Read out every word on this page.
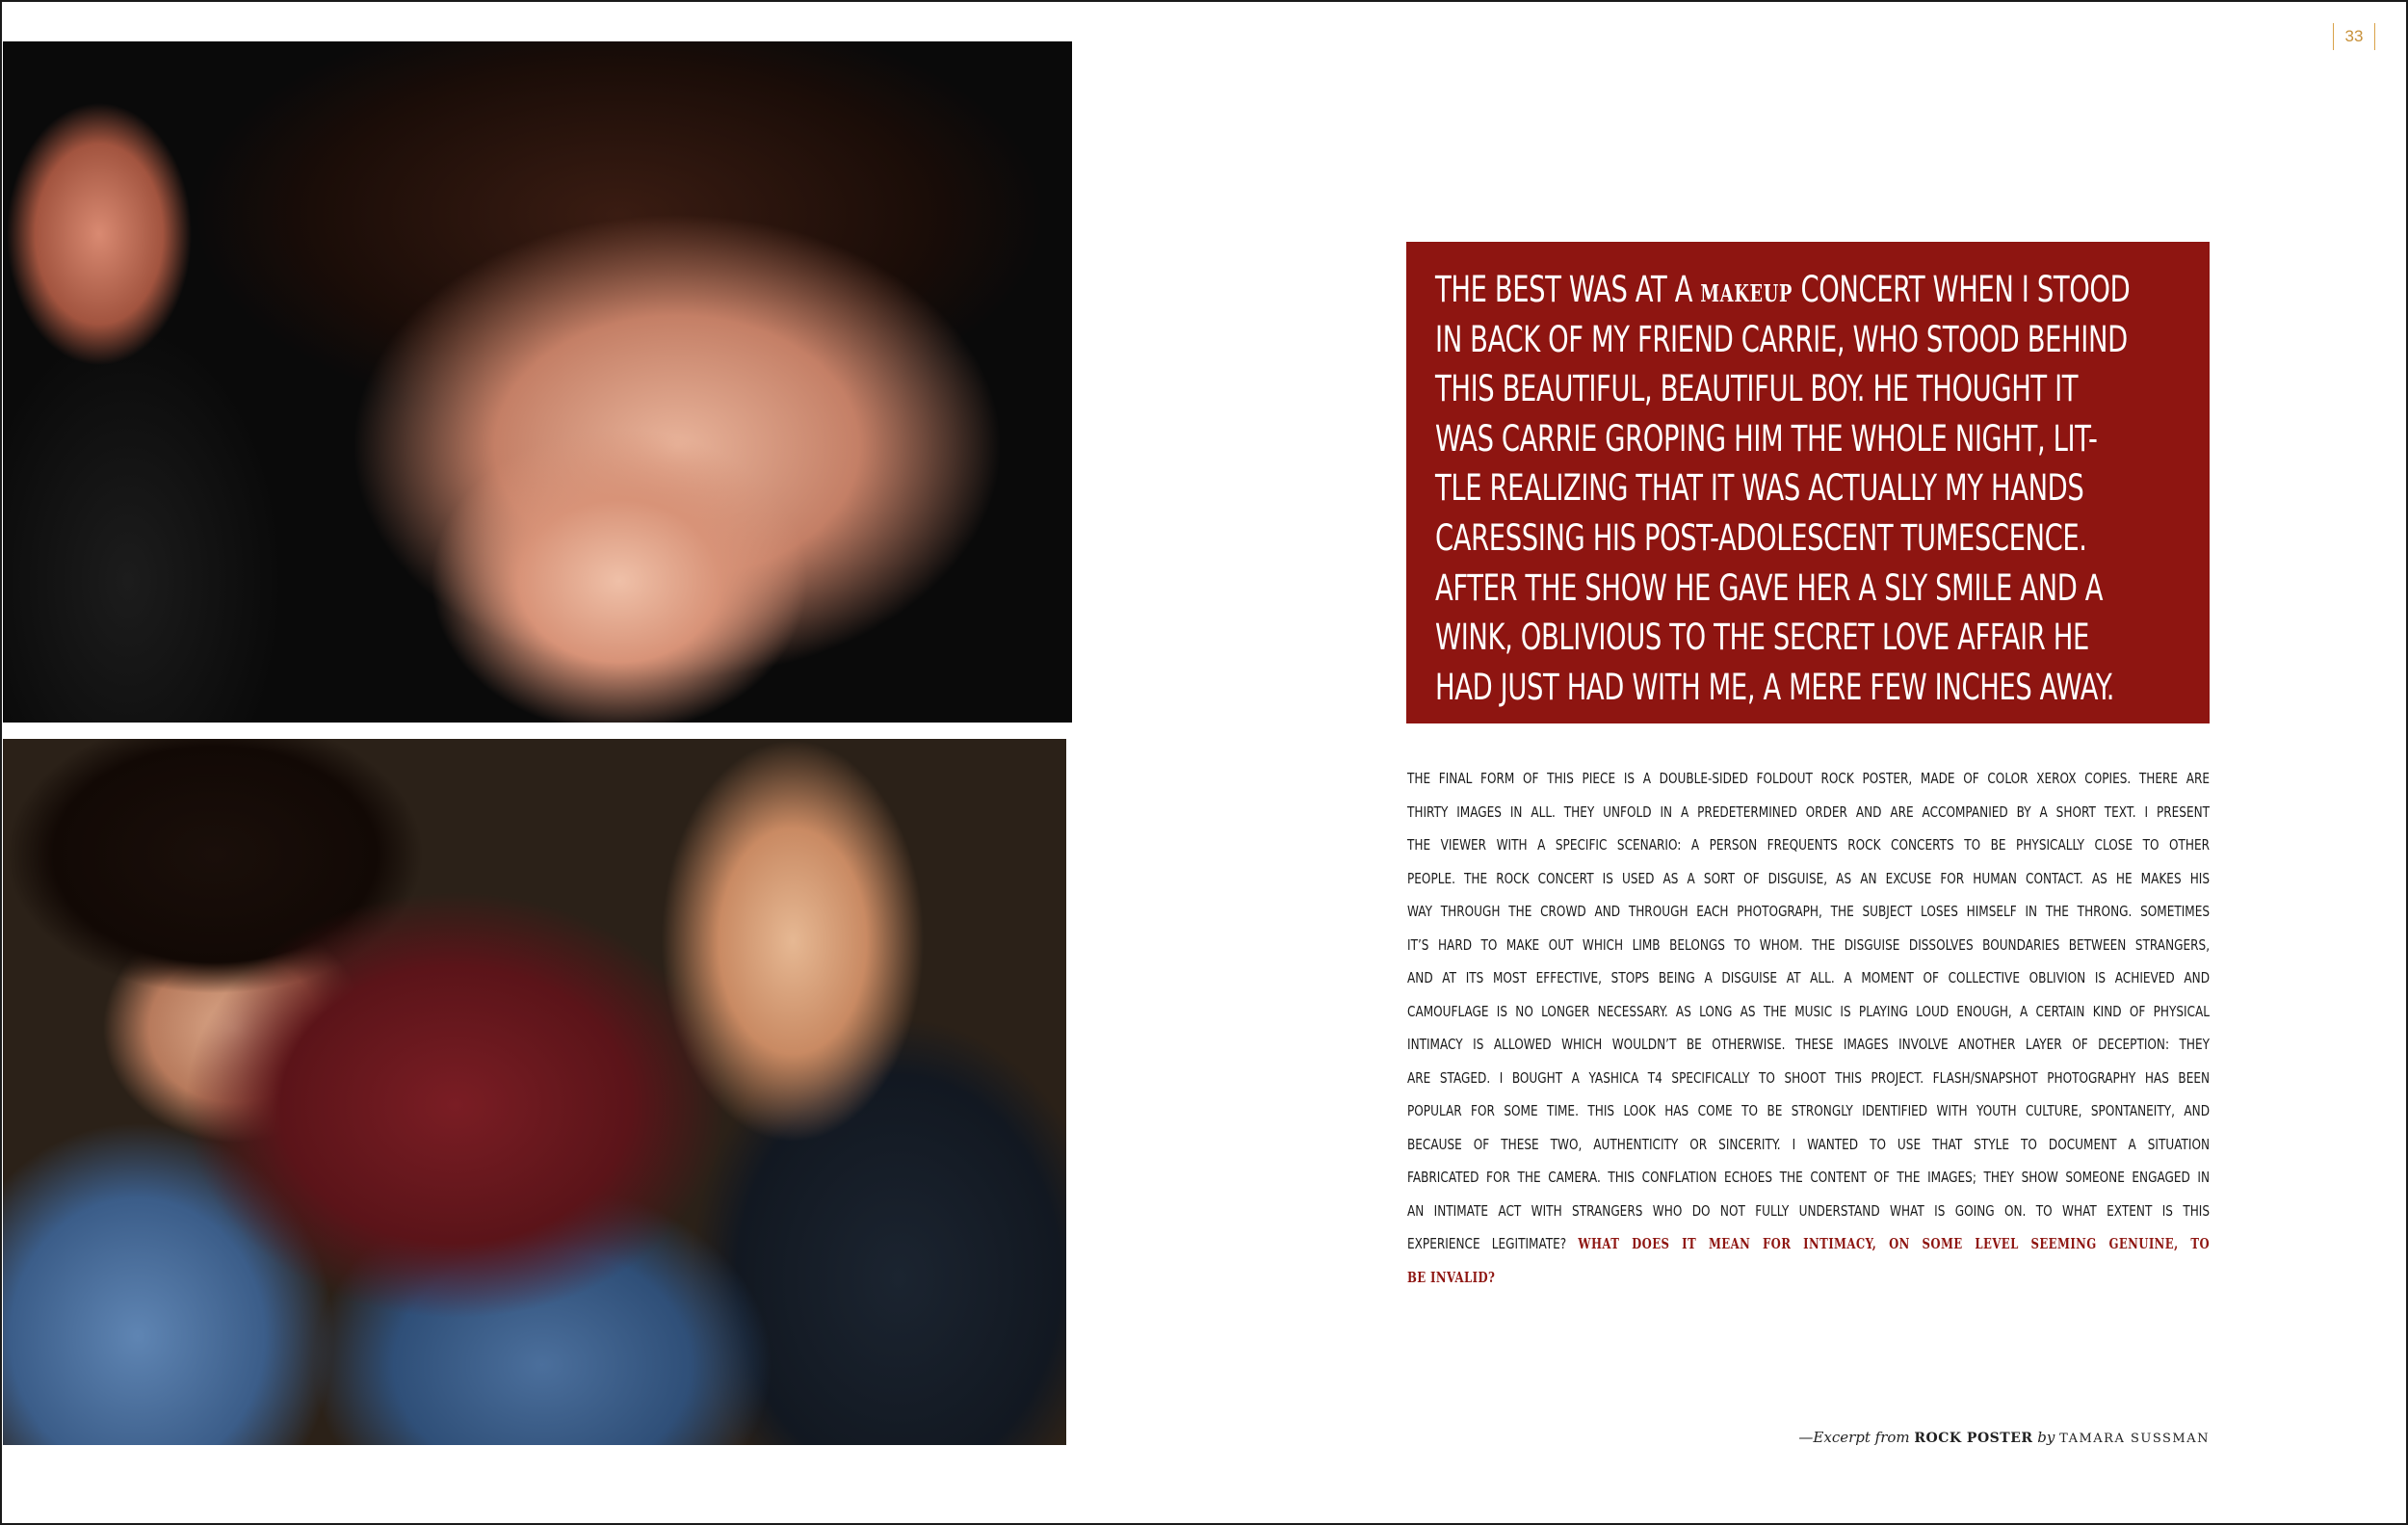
33
THE BEST WAS AT A MAKEUP CONCERT WHEN I STOOD
IN BACK OF MY FRIEND CARRIE, WHO STOOD BEHIND
THIS BEAUTIFUL, BEAUTIFUL BOY. HE THOUGHT IT
WAS CARRIE GROPING HIM THE WHOLE NIGHT, LIT-
TLE REALIZING THAT IT WAS ACTUALLY MY HANDS
CARESSING HIS POST-ADOLESCENT TUMESCENCE.
AFTER THE SHOW HE GAVE HER A SLY SMILE AND A
WINK, OBLIVIOUS TO THE SECRET LOVE AFFAIR HE
HAD JUST HAD WITH ME, A MERE FEW INCHES AWAY.
THE FINAL FORM OF THIS PIECE IS A DOUBLE-SIDED FOLDOUT ROCK POSTER, MADE OF COLOR XEROX COPIES. THERE ARE
THIRTY IMAGES IN ALL. THEY UNFOLD IN A PREDETERMINED ORDER AND ARE ACCOMPANIED BY A SHORT TEXT. I PRESENT
THE VIEWER WITH A SPECIFIC SCENARIO: A PERSON FREQUENTS ROCK CONCERTS TO BE PHYSICALLY CLOSE TO OTHER
PEOPLE. THE ROCK CONCERT IS USED AS A SORT OF DISGUISE, AS AN EXCUSE FOR HUMAN CONTACT. AS HE MAKES HIS
WAY THROUGH THE CROWD AND THROUGH EACH PHOTOGRAPH, THE SUBJECT LOSES HIMSELF IN THE THRONG. SOMETIMES
IT’S HARD TO MAKE OUT WHICH LIMB BELONGS TO WHOM. THE DISGUISE DISSOLVES BOUNDARIES BETWEEN STRANGERS,
AND AT ITS MOST EFFECTIVE, STOPS BEING A DISGUISE AT ALL. A MOMENT OF COLLECTIVE OBLIVION IS ACHIEVED AND
CAMOUFLAGE IS NO LONGER NECESSARY. AS LONG AS THE MUSIC IS PLAYING LOUD ENOUGH, A CERTAIN KIND OF PHYSICAL
INTIMACY IS ALLOWED WHICH WOULDN’T BE OTHERWISE. THESE IMAGES INVOLVE ANOTHER LAYER OF DECEPTION: THEY
ARE STAGED. I BOUGHT A YASHICA T4 SPECIFICALLY TO SHOOT THIS PROJECT. FLASH/SNAPSHOT PHOTOGRAPHY HAS BEEN
POPULAR FOR SOME TIME. THIS LOOK HAS COME TO BE STRONGLY IDENTIFIED WITH YOUTH CULTURE, SPONTANEITY, AND
BECAUSE OF THESE TWO, AUTHENTICITY OR SINCERITY. I WANTED TO USE THAT STYLE TO DOCUMENT A SITUATION
FABRICATED FOR THE CAMERA. THIS CONFLATION ECHOES THE CONTENT OF THE IMAGES; THEY SHOW SOMEONE ENGAGED IN
AN INTIMATE ACT WITH STRANGERS WHO DO NOT FULLY UNDERSTAND WHAT IS GOING ON. TO WHAT EXTENT IS THIS
EXPERIENCE LEGITIMATE? WHAT DOES IT MEAN FOR INTIMACY, ON SOME LEVEL SEEMING GENUINE, TO
BE INVALID?
—Excerpt from ROCK POSTER by TAMARA SUSSMAN
